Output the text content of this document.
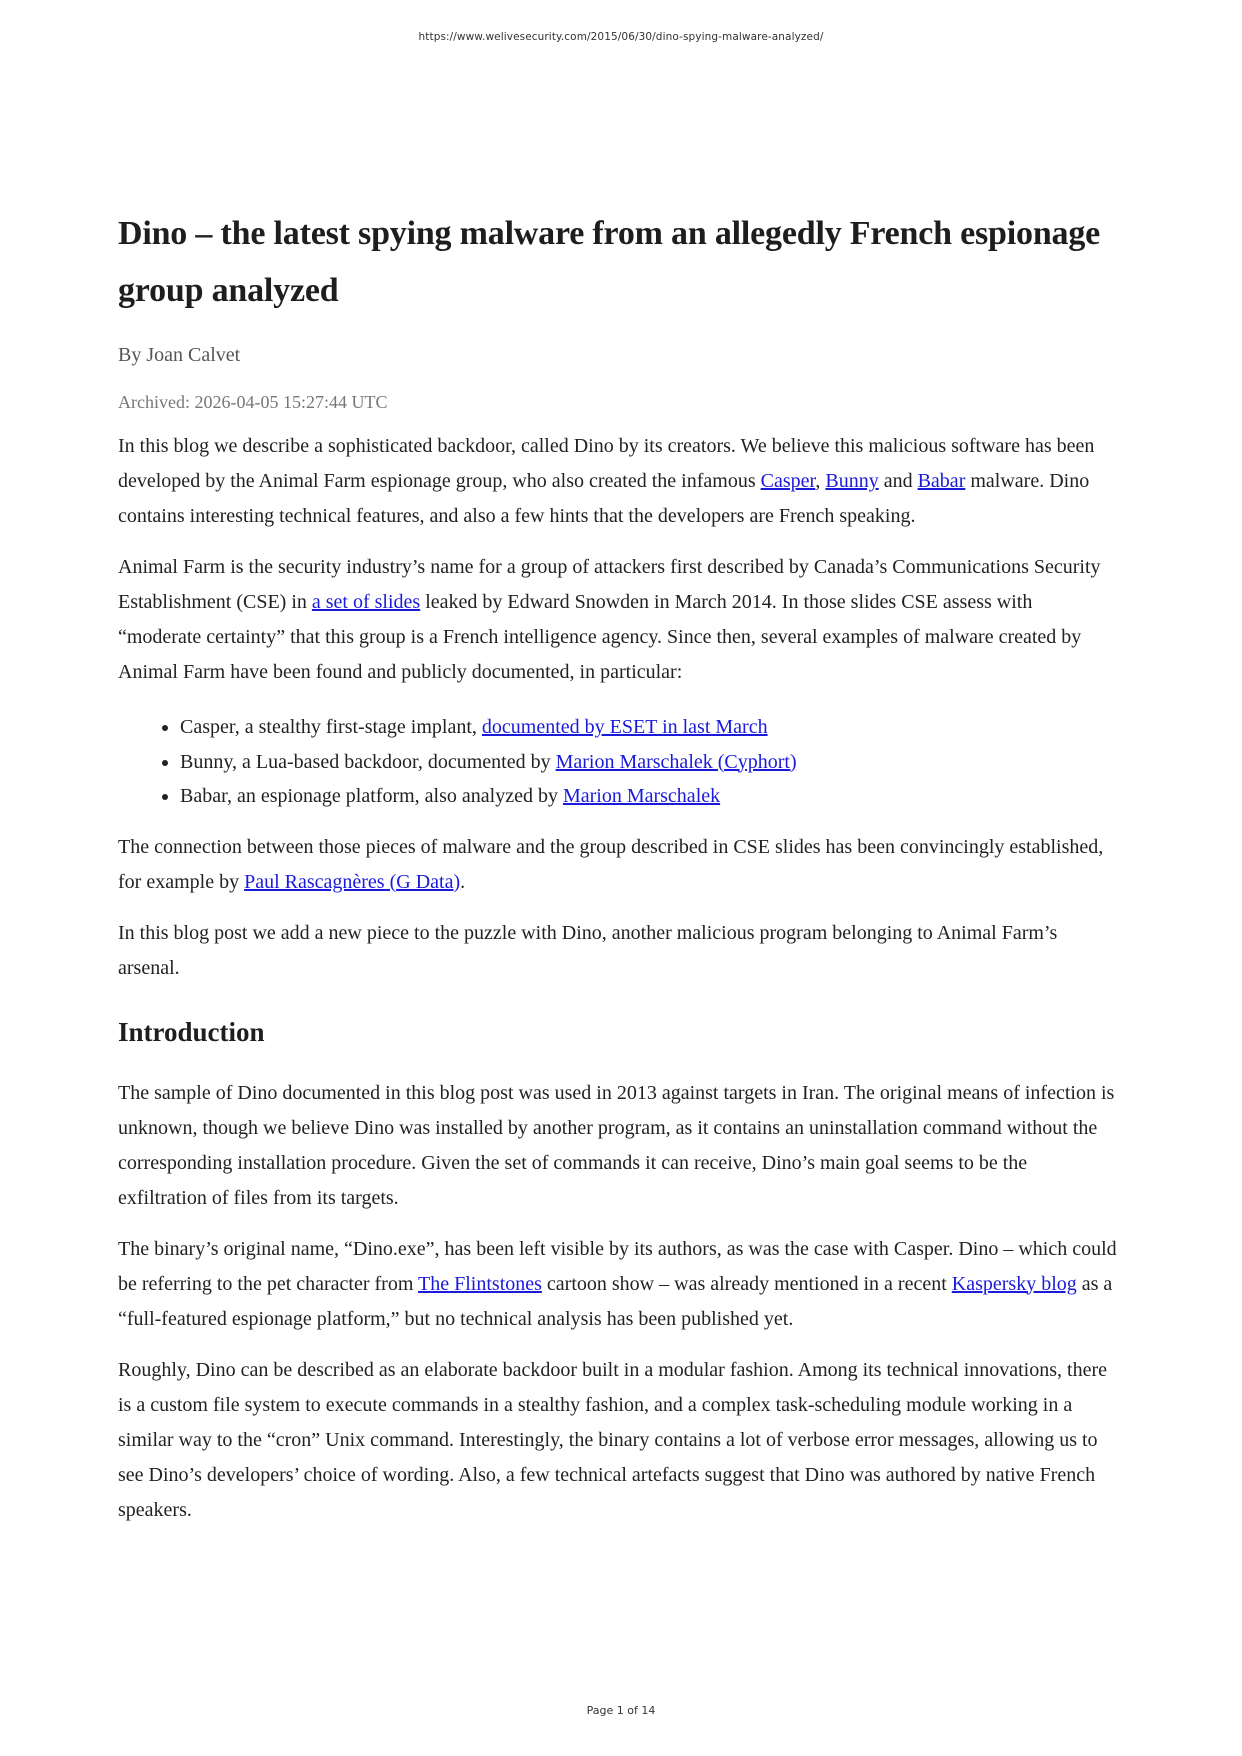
https://www.welivesecurity.com/2015/06/30/dino-spying-malware-analyzed/
Dino – the latest spying malware from an allegedly French espionage group analyzed
By Joan Calvet
Archived: 2026-04-05 15:27:44 UTC

In this blog we describe a sophisticated backdoor, called Dino by its creators. We believe this malicious software has been developed by the Animal Farm espionage group, who also created the infamous Casper, Bunny and Babar malware. Dino contains interesting technical features, and also a few hints that the developers are French speaking.

Animal Farm is the security industry’s name for a group of attackers first described by Canada’s Communications Security Establishment (CSE) in a set of slides leaked by Edward Snowden in March 2014. In those slides CSE assess with “moderate certainty” that this group is a French intelligence agency. Since then, several examples of malware created by Animal Farm have been found and publicly documented, in particular:

• Casper, a stealthy first-stage implant, documented by ESET in last March
• Bunny, a Lua-based backdoor, documented by Marion Marschalek (Cyphort)
• Babar, an espionage platform, also analyzed by Marion Marschalek

The connection between those pieces of malware and the group described in CSE slides has been convincingly established, for example by Paul Rascagnères (G Data).

In this blog post we add a new piece to the puzzle with Dino, another malicious program belonging to Animal Farm’s arsenal.

Introduction

The sample of Dino documented in this blog post was used in 2013 against targets in Iran. The original means of infection is unknown, though we believe Dino was installed by another program, as it contains an uninstallation command without the corresponding installation procedure. Given the set of commands it can receive, Dino’s main goal seems to be the exfiltration of files from its targets.

The binary’s original name, “Dino.exe”, has been left visible by its authors, as was the case with Casper. Dino – which could be referring to the pet character from The Flintstones cartoon show – was already mentioned in a recent Kaspersky blog as a “full-featured espionage platform,” but no technical analysis has been published yet.

Roughly, Dino can be described as an elaborate backdoor built in a modular fashion. Among its technical innovations, there is a custom file system to execute commands in a stealthy fashion, and a complex task-scheduling module working in a similar way to the “cron” Unix command. Interestingly, the binary contains a lot of verbose error messages, allowing us to see Dino’s developers’ choice of wording. Also, a few technical artefacts suggest that Dino was authored by native French speakers.

Page 1 of 14
